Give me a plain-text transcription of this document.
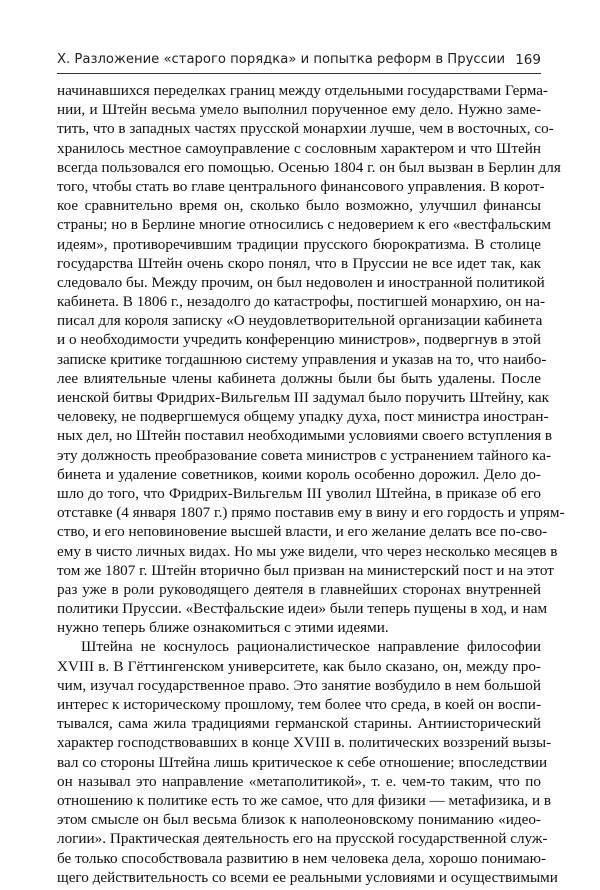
X. Разложение «старого порядка» и попытка реформ в Пруссии 169
начинавшихся переделках границ между отдельными государствами Герма-
нии, и Штейн весьма умело выполнил порученное ему дело. Нужно заме-
тить, что в западных частях прусской монархии лучше, чем в восточных, со-
хранилось местное самоуправление с сословным характером и что Штейн
всегда пользовался его помощью. Осенью 1804 г. он был вызван в Берлин для
того, чтобы стать во главе центрального финансового управления. В корот-
кое сравнительно время он, сколько было возможно, улучшил финансы
страны; но в Берлине многие относились с недоверием к его «вестфальским
идеям», противоречившим традиции прусского бюрократизма. В столице
государства Штейн очень скоро понял, что в Пруссии не все идет так, как
следовало бы. Между прочим, он был недоволен и иностранной политикой
кабинета. В 1806 г., незадолго до катастрофы, постигшей монархию, он на-
писал для короля записку «О неудовлетворительной организации кабинета
и о необходимости учредить конференцию министров», подвергнув в этой
записке критике тогдашнюю систему управления и указав на то, что наибо-
лее влиятельные члены кабинета должны были бы быть удалены. После
иенской битвы Фридрих-Вильгельм III задумал было поручить Штейну, как
человеку, не подвергшемуся общему упадку духа, пост министра иностран-
ных дел, но Штейн поставил необходимыми условиями своего вступления в
эту должность преобразование совета министров с устранением тайного ка-
бинета и удаление советников, коими король особенно дорожил. Дело до-
шло до того, что Фридрих-Вильгельм III уволил Штейна, в приказе об его
отставке (4 января 1807 г.) прямо поставив ему в вину и его гордость и упрям-
ство, и его неповиновение высшей власти, и его желание делать все по-сво-
ему в чисто личных видах. Но мы уже видели, что через несколько месяцев в
том же 1807 г. Штейн вторично был призван на министерский пост и на этот
раз уже в роли руководящего деятеля в главнейших сторонах внутренней
политики Пруссии. «Вестфальские идеи» были теперь пущены в ход, и нам
нужно теперь ближе ознакомиться с этими идеями.
Штейна не коснулось рационалистическое направление философии
XVIII в. В Гёттингенском университете, как было сказано, он, между про-
чим, изучал государственное право. Это занятие возбудило в нем большой
интерес к историческому прошлому, тем более что среда, в коей он воспи-
тывался, сама жила традициями германской старины. Антиисторический
характер господствовавших в конце XVIII в. политических воззрений вызы-
вал со стороны Штейна лишь критическое к себе отношение; впоследствии
он называл это направление «метаполитикой», т. е. чем-то таким, что по
отношению к политике есть то же самое, что для физики — метафизика, и в
этом смысле он был весьма близок к наполеоновскому пониманию «идео-
логии». Практическая деятельность его на прусской государственной служ-
бе только способствовала развитию в нем человека дела, хорошо понимаю-
щего действительность со всеми ее реальными условиями и осуществимыми
